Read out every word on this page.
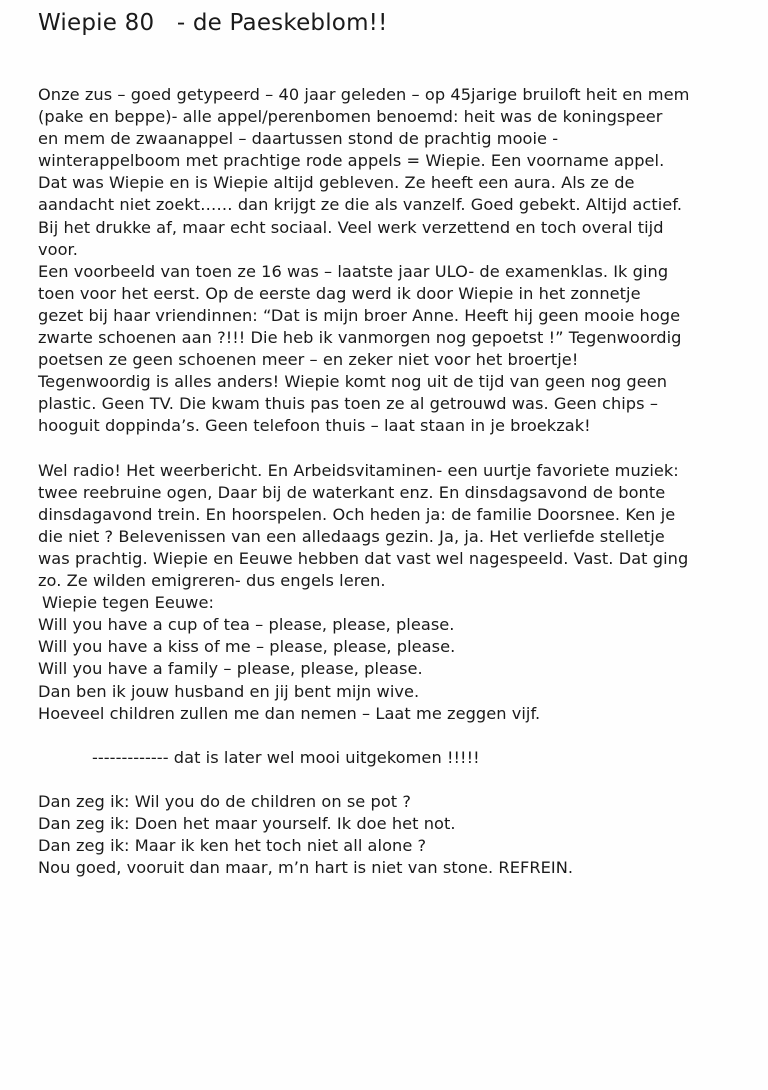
Wiepie 80   - de Paeskeblom!!
Onze zus – goed getypeerd – 40 jaar geleden – op 45jarige bruiloft heit en mem
(pake en beppe)- alle appel/perenbomen benoemd: heit was de koningspeer
en mem de zwaanappel – daartussen stond de prachtig mooie -
winterappelboom met prachtige rode appels = Wiepie. Een voorname appel.
Dat was Wiepie en is Wiepie altijd gebleven. Ze heeft een aura. Als ze de
aandacht niet zoekt…… dan krijgt ze die als vanzelf. Goed gebekt. Altijd actief.
Bij het drukke af, maar echt sociaal. Veel werk verzettend en toch overal tijd
voor.
Een voorbeeld van toen ze 16 was – laatste jaar ULO- de examenklas. Ik ging
toen voor het eerst. Op de eerste dag werd ik door Wiepie in het zonnetje
gezet bij haar vriendinnen: “Dat is mijn broer Anne. Heeft hij geen mooie hoge
zwarte schoenen aan ?!!! Die heb ik vanmorgen nog gepoetst !” Tegenwoordig
poetsen ze geen schoenen meer – en zeker niet voor het broertje!
Tegenwoordig is alles anders! Wiepie komt nog uit de tijd van geen nog geen
plastic. Geen TV. Die kwam thuis pas toen ze al getrouwd was. Geen chips –
hooguit doppinda’s. Geen telefoon thuis – laat staan in je broekzak!
Wel radio! Het weerbericht. En Arbeidsvitaminen- een uurtje favoriete muziek:
twee reebruine ogen, Daar bij de waterkant enz. En dinsdagsavond de bonte
dinsdagavond trein. En hoorspelen. Och heden ja: de familie Doorsnee. Ken je
die niet ? Belevenissen van een alledaags gezin. Ja, ja. Het verliefde stelletje
was prachtig. Wiepie en Eeuwe hebben dat vast wel nagespeeld. Vast. Dat ging
zo. Ze wilden emigreren- dus engels leren.
Wiepie tegen Eeuwe:
Will you have a cup of tea – please, please, please.
Will you have a kiss of me – please, please, please.
Will you have a family – please, please, please.
Dan ben ik jouw husband en jij bent mijn wive.
Hoeveel children zullen me dan nemen – Laat me zeggen vijf.
------------- dat is later wel mooi uitgekomen !!!!!
Dan zeg ik: Wil you do de children on se pot ?
Dan zeg ik: Doen het maar yourself. Ik doe het not.
Dan zeg ik: Maar ik ken het toch niet all alone ?
Nou goed, vooruit dan maar, m’n hart is niet van stone. REFREIN.
